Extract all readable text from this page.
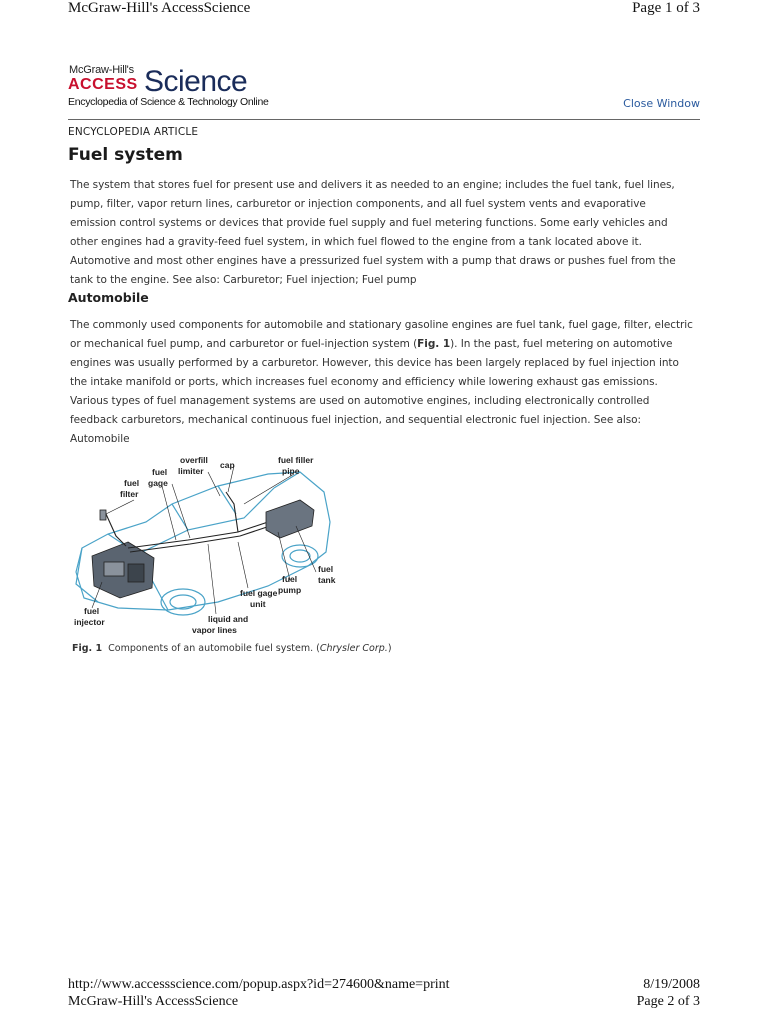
McGraw-Hill's AccessScience	Page 1 of 3
McGraw-Hill's
ACCESS Science
Encyclopedia of Science & Technology Online	Close Window
ENCYCLOPEDIA ARTICLE
Fuel system

The system that stores fuel for present use and delivers it as needed to an engine; includes the fuel tank, fuel lines, pump, filter, vapor return lines, carburetor or injection components, and all fuel system vents and evaporative emission control systems or devices that provide fuel supply and fuel metering functions. Some early vehicles and other engines had a gravity-feed fuel system, in which fuel flowed to the engine from a tank located above it. Automotive and most other engines have a pressurized fuel system with a pump that draws or pushes fuel from the tank to the engine. See also: Carburetor; Fuel injection; Fuel pump

Automobile

The commonly used components for automobile and stationary gasoline engines are fuel tank, fuel gage, filter, electric or mechanical fuel pump, and carburetor or fuel-injection system (Fig. 1). In the past, fuel metering on automotive engines was usually performed by a carburetor. However, this device has been largely replaced by fuel injection into the intake manifold or ports, which increases fuel economy and efficiency while lowering exhaust gas emissions. Various types of fuel management systems are used on automotive engines, including electronically controlled feedback carburetors, mechanical continuous fuel injection, and sequential electronic fuel injection. See also: Automobile

overfill limiter
cap	fuel filler pipe
fuel gage
fuel filter
fuel tank
fuel pump
fuel gage unit
fuel injector	liquid and vapor lines
Fig. 1 Components of an automobile fuel system. (Chrysler Corp.)
http://www.accessscience.com/popup.aspx?id=274600&name=print	8/19/2008
McGraw-Hill's AccessScience	Page 2 of 3
